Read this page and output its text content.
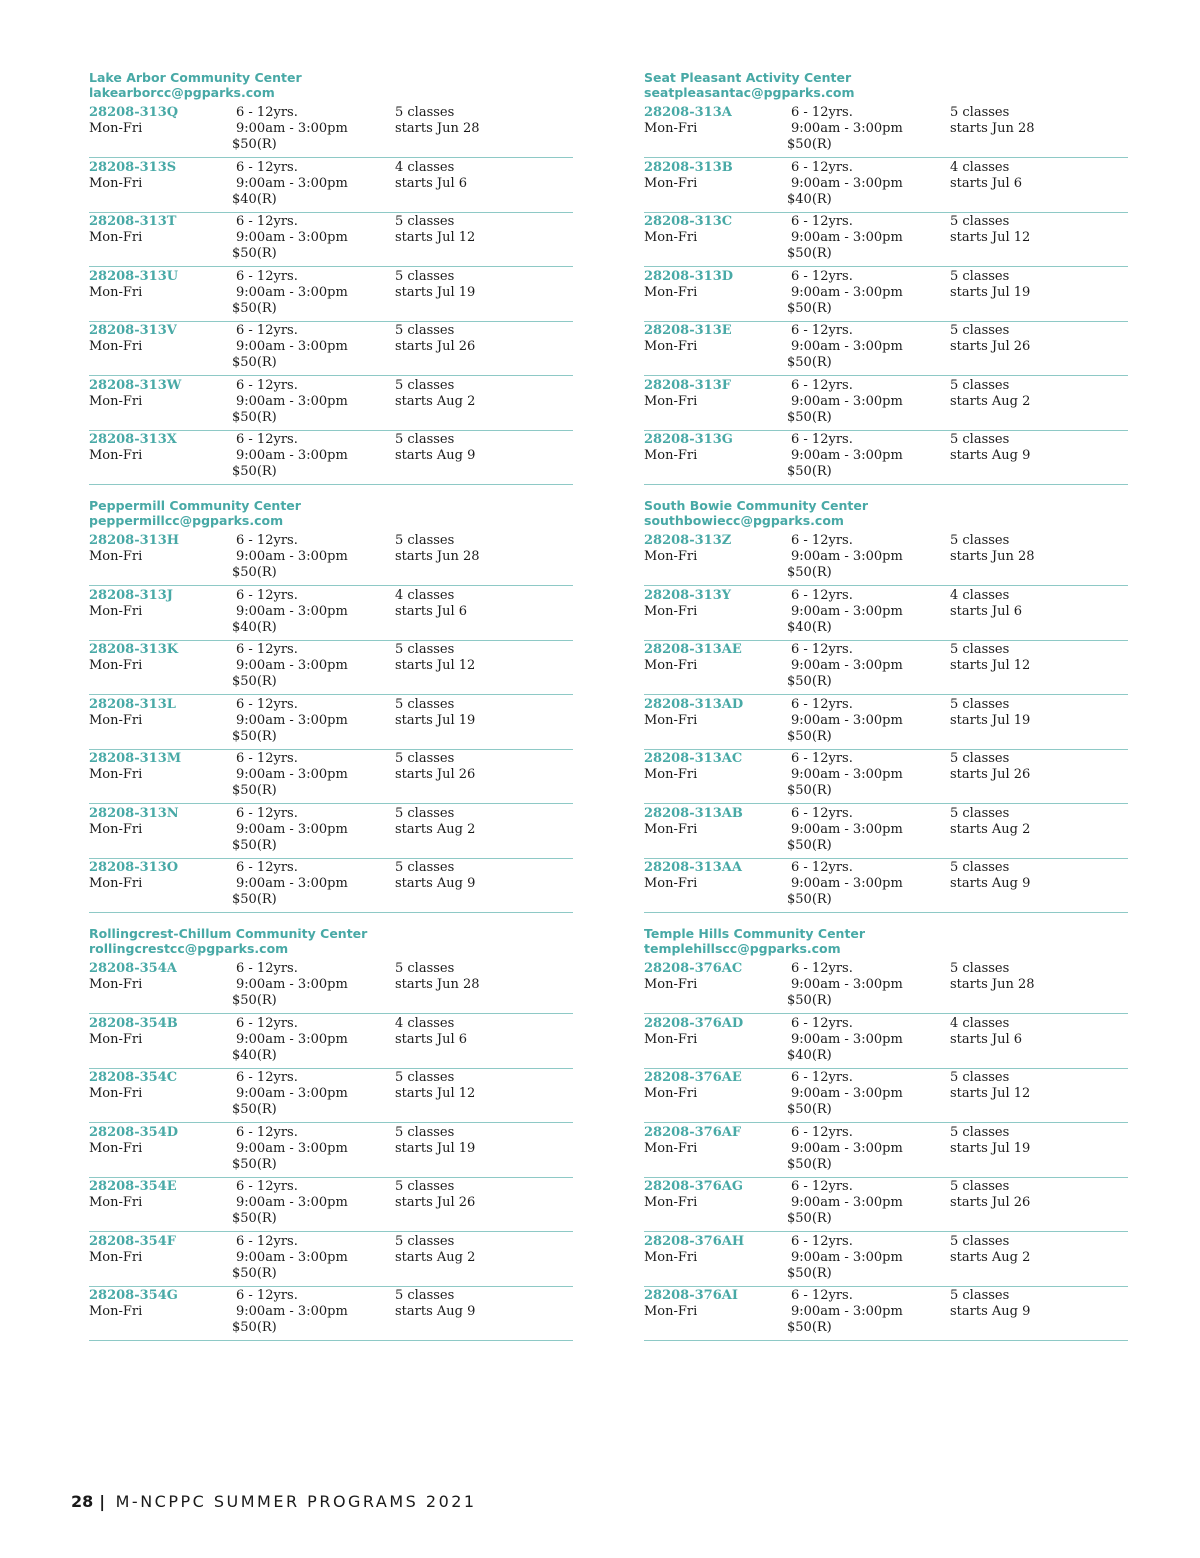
Lake Arbor Community Center
lakearborcc@pgparks.com
28208-313Q
Mon-Fri
6 - 12yrs.
9:00am - 3:00pm
$50(R)
5 classes
starts Jun 28
28208-313S
Mon-Fri
6 - 12yrs.
9:00am - 3:00pm
$40(R)
4 classes
starts Jul 6
28208-313T
Mon-Fri
6 - 12yrs.
9:00am - 3:00pm
$50(R)
5 classes
starts Jul 12
28208-313U
Mon-Fri
6 - 12yrs.
9:00am - 3:00pm
$50(R)
5 classes
starts Jul 19
28208-313V
Mon-Fri
6 - 12yrs.
9:00am - 3:00pm
$50(R)
5 classes
starts Jul 26
28208-313W
Mon-Fri
6 - 12yrs.
9:00am - 3:00pm
$50(R)
5 classes
starts Aug 2
28208-313X
Mon-Fri
6 - 12yrs.
9:00am - 3:00pm
$50(R)
5 classes
starts Aug 9
Peppermill Community Center
peppermillcc@pgparks.com
28208-313H
Mon-Fri
6 - 12yrs.
9:00am - 3:00pm
$50(R)
5 classes
starts Jun 28
28208-313J
Mon-Fri
6 - 12yrs.
9:00am - 3:00pm
$40(R)
4 classes
starts Jul 6
28208-313K
Mon-Fri
6 - 12yrs.
9:00am - 3:00pm
$50(R)
5 classes
starts Jul 12
28208-313L
Mon-Fri
6 - 12yrs.
9:00am - 3:00pm
$50(R)
5 classes
starts Jul 19
28208-313M
Mon-Fri
6 - 12yrs.
9:00am - 3:00pm
$50(R)
5 classes
starts Jul 26
28208-313N
Mon-Fri
6 - 12yrs.
9:00am - 3:00pm
$50(R)
5 classes
starts Aug 2
28208-313O
Mon-Fri
6 - 12yrs.
9:00am - 3:00pm
$50(R)
5 classes
starts Aug 9
Rollingcrest-Chillum Community Center
rollingcrestcc@pgparks.com
28208-354A
Mon-Fri
6 - 12yrs.
9:00am - 3:00pm
$50(R)
5 classes
starts Jun 28
28208-354B
Mon-Fri
6 - 12yrs.
9:00am - 3:00pm
$40(R)
4 classes
starts Jul 6
28208-354C
Mon-Fri
6 - 12yrs.
9:00am - 3:00pm
$50(R)
5 classes
starts Jul 12
28208-354D
Mon-Fri
6 - 12yrs.
9:00am - 3:00pm
$50(R)
5 classes
starts Jul 19
28208-354E
Mon-Fri
6 - 12yrs.
9:00am - 3:00pm
$50(R)
5 classes
starts Jul 26
28208-354F
Mon-Fri
6 - 12yrs.
9:00am - 3:00pm
$50(R)
5 classes
starts Aug 2
28208-354G
Mon-Fri
6 - 12yrs.
9:00am - 3:00pm
$50(R)
5 classes
starts Aug 9
Seat Pleasant Activity Center
seatpleasantac@pgparks.com
28208-313A
Mon-Fri
6 - 12yrs.
9:00am - 3:00pm
$50(R)
5 classes
starts Jun 28
28208-313B
Mon-Fri
6 - 12yrs.
9:00am - 3:00pm
$40(R)
4 classes
starts Jul 6
28208-313C
Mon-Fri
6 - 12yrs.
9:00am - 3:00pm
$50(R)
5 classes
starts Jul 12
28208-313D
Mon-Fri
6 - 12yrs.
9:00am - 3:00pm
$50(R)
5 classes
starts Jul 19
28208-313E
Mon-Fri
6 - 12yrs.
9:00am - 3:00pm
$50(R)
5 classes
starts Jul 26
28208-313F
Mon-Fri
6 - 12yrs.
9:00am - 3:00pm
$50(R)
5 classes
starts Aug 2
28208-313G
Mon-Fri
6 - 12yrs.
9:00am - 3:00pm
$50(R)
5 classes
starts Aug 9
South Bowie Community Center
southbowiecc@pgparks.com
28208-313Z
Mon-Fri
6 - 12yrs.
9:00am - 3:00pm
$50(R)
5 classes
starts Jun 28
28208-313Y
Mon-Fri
6 - 12yrs.
9:00am - 3:00pm
$40(R)
4 classes
starts Jul 6
28208-313AE
Mon-Fri
6 - 12yrs.
9:00am - 3:00pm
$50(R)
5 classes
starts Jul 12
28208-313AD
Mon-Fri
6 - 12yrs.
9:00am - 3:00pm
$50(R)
5 classes
starts Jul 19
28208-313AC
Mon-Fri
6 - 12yrs.
9:00am - 3:00pm
$50(R)
5 classes
starts Jul 26
28208-313AB
Mon-Fri
6 - 12yrs.
9:00am - 3:00pm
$50(R)
5 classes
starts Aug 2
28208-313AA
Mon-Fri
6 - 12yrs.
9:00am - 3:00pm
$50(R)
5 classes
starts Aug 9
Temple Hills Community Center
templehillscc@pgparks.com
28208-376AC
Mon-Fri
6 - 12yrs.
9:00am - 3:00pm
$50(R)
5 classes
starts Jun 28
28208-376AD
Mon-Fri
6 - 12yrs.
9:00am - 3:00pm
$40(R)
4 classes
starts Jul 6
28208-376AE
Mon-Fri
6 - 12yrs.
9:00am - 3:00pm
$50(R)
5 classes
starts Jul 12
28208-376AF
Mon-Fri
6 - 12yrs.
9:00am - 3:00pm
$50(R)
5 classes
starts Jul 19
28208-376AG
Mon-Fri
6 - 12yrs.
9:00am - 3:00pm
$50(R)
5 classes
starts Jul 26
28208-376AH
Mon-Fri
6 - 12yrs.
9:00am - 3:00pm
$50(R)
5 classes
starts Aug 2
28208-376AI
Mon-Fri
6 - 12yrs.
9:00am - 3:00pm
$50(R)
5 classes
starts Aug 9
28 | M-NCPPC SUMMER PROGRAMS 2021
